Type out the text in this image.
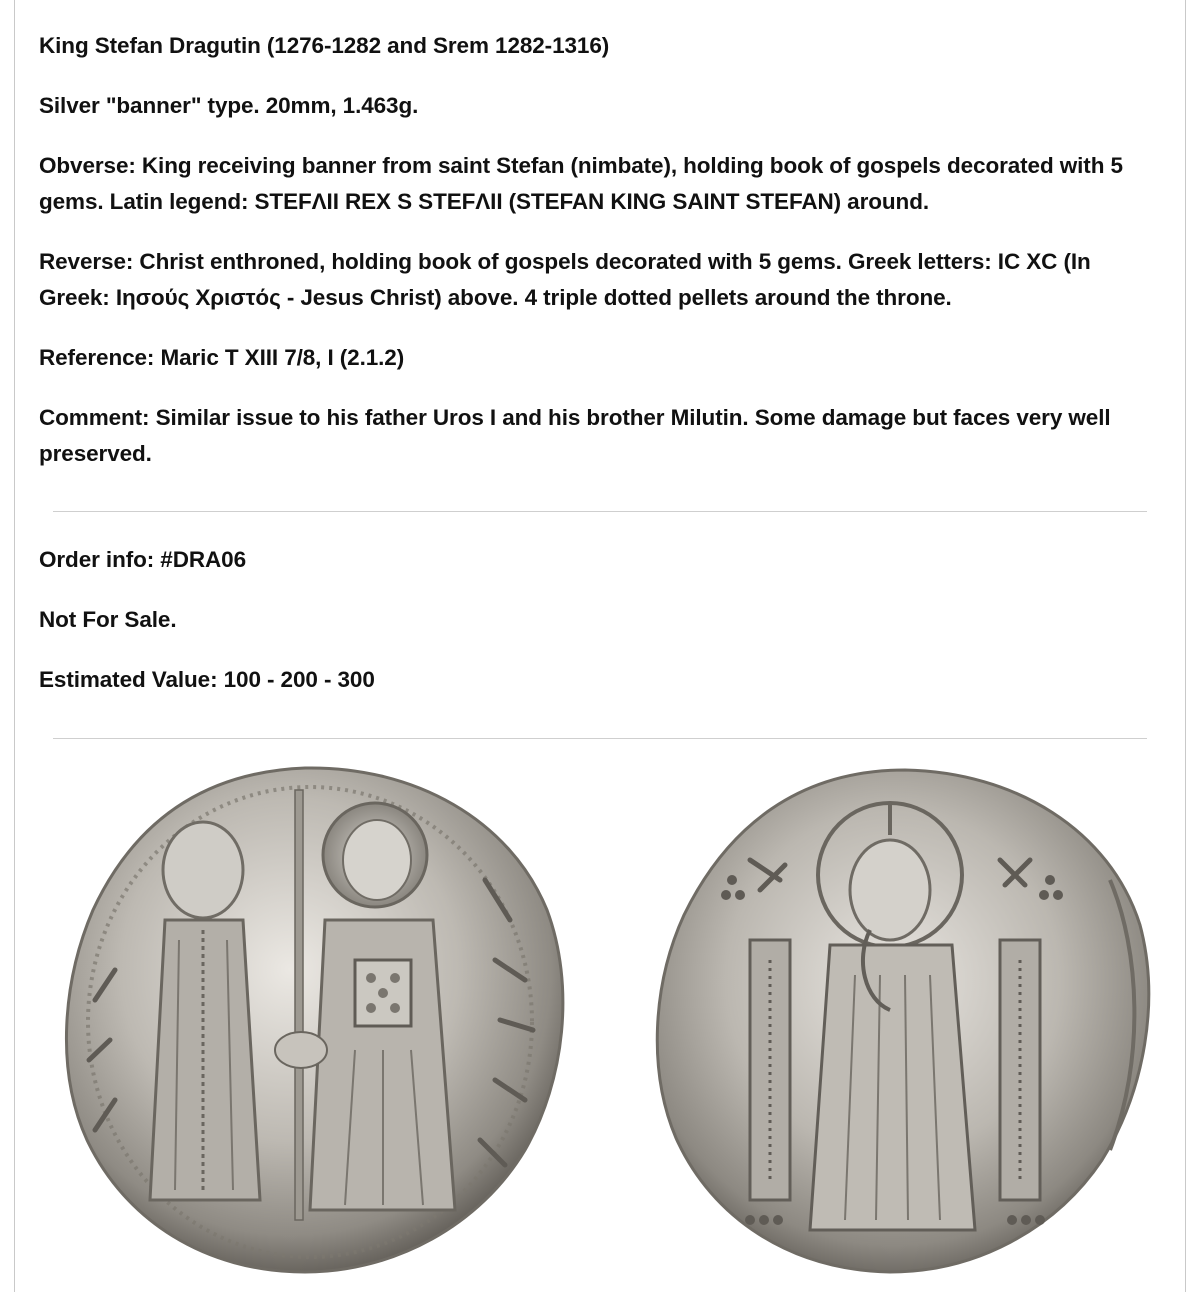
King Stefan Dragutin (1276-1282 and Srem 1282-1316)

Silver "banner" type. 20mm, 1.463g.

Obverse: King receiving banner from saint Stefan (nimbate), holding book of gospels decorated with 5 gems. Latin legend: STEFΛII REX S STEFΛII (STEFAN KING SAINT STEFAN) around.

Reverse: Christ enthroned, holding book of gospels decorated with 5 gems. Greek letters: IC XC (In Greek: Ιησούς Χριστός - Jesus Christ) above. 4 triple dotted pellets around the throne.

Reference: Maric T XIII 7/8, I (2.1.2)

Comment: Similar issue to his father Uros I and his brother Milutin. Some damage but faces very well preserved.

Order info: #DRA06

Not For Sale.

Estimated Value: 100 - 200 - 300
